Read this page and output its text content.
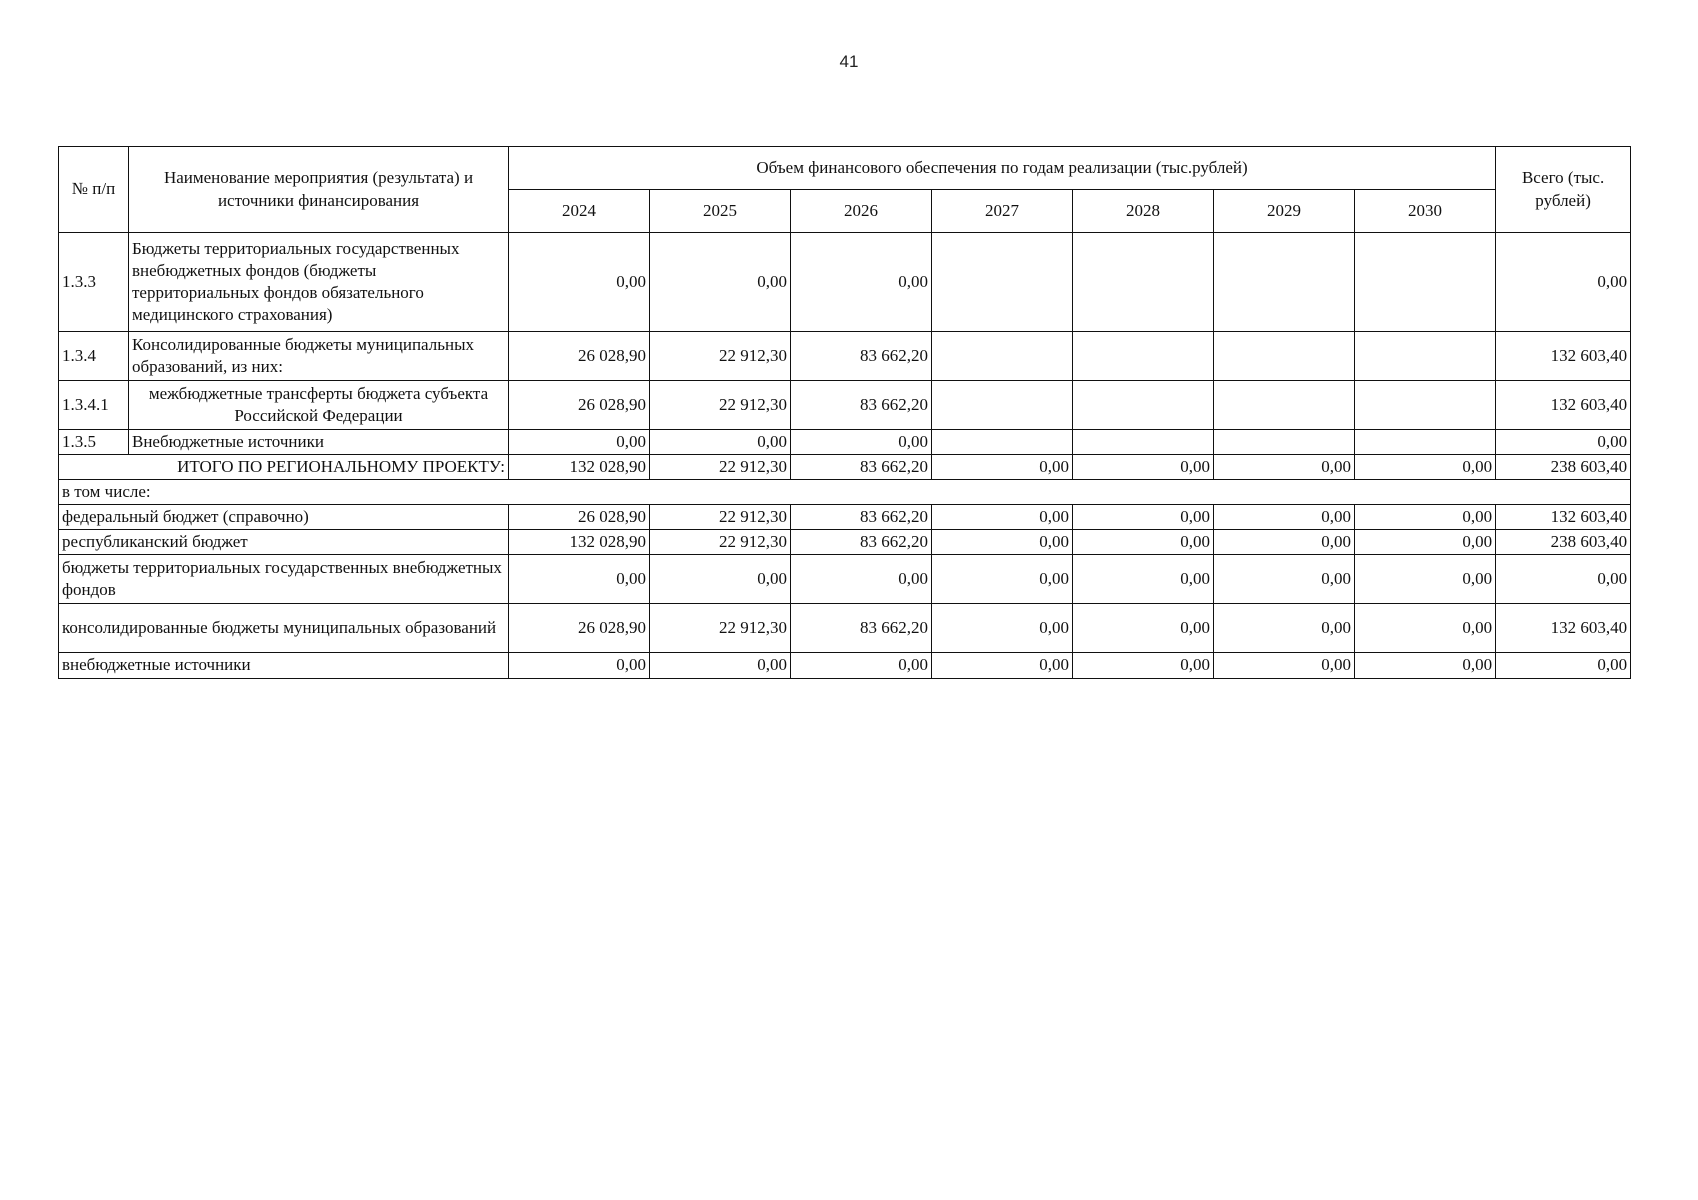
41
№ п/п	Наименование мероприятия (результата) и источники финансирования	Объем финансового обеспечения по годам реализации (тыс.рублей)							Всего (тыс. рублей)
		2024	2025	2026	2027	2028	2029	2030	
1.3.3	Бюджеты территориальных государственных внебюджетных фондов (бюджеты территориальных фондов обязательного медицинского страхования)	0,00	0,00	0,00					0,00
1.3.4	Консолидированные бюджеты муниципальных образований, из них:	26 028,90	22 912,30	83 662,20					132 603,40
1.3.4.1	межбюджетные трансферты бюджета субъекта Российской Федерации	26 028,90	22 912,30	83 662,20					132 603,40
1.3.5	Внебюджетные источники	0,00	0,00	0,00					0,00
ИТОГО ПО РЕГИОНАЛЬНОМУ ПРОЕКТУ:		132 028,90	22 912,30	83 662,20	0,00	0,00	0,00	0,00	238 603,40
в том числе:									
федеральный бюджет (справочно)		26 028,90	22 912,30	83 662,20	0,00	0,00	0,00	0,00	132 603,40
республиканский бюджет		132 028,90	22 912,30	83 662,20	0,00	0,00	0,00	0,00	238 603,40
бюджеты территориальных государственных внебюджетных фондов		0,00	0,00	0,00	0,00	0,00	0,00	0,00	0,00
консолидированные бюджеты муниципальных образований		26 028,90	22 912,30	83 662,20	0,00	0,00	0,00	0,00	132 603,40
внебюджетные источники		0,00	0,00	0,00	0,00	0,00	0,00	0,00	0,00
